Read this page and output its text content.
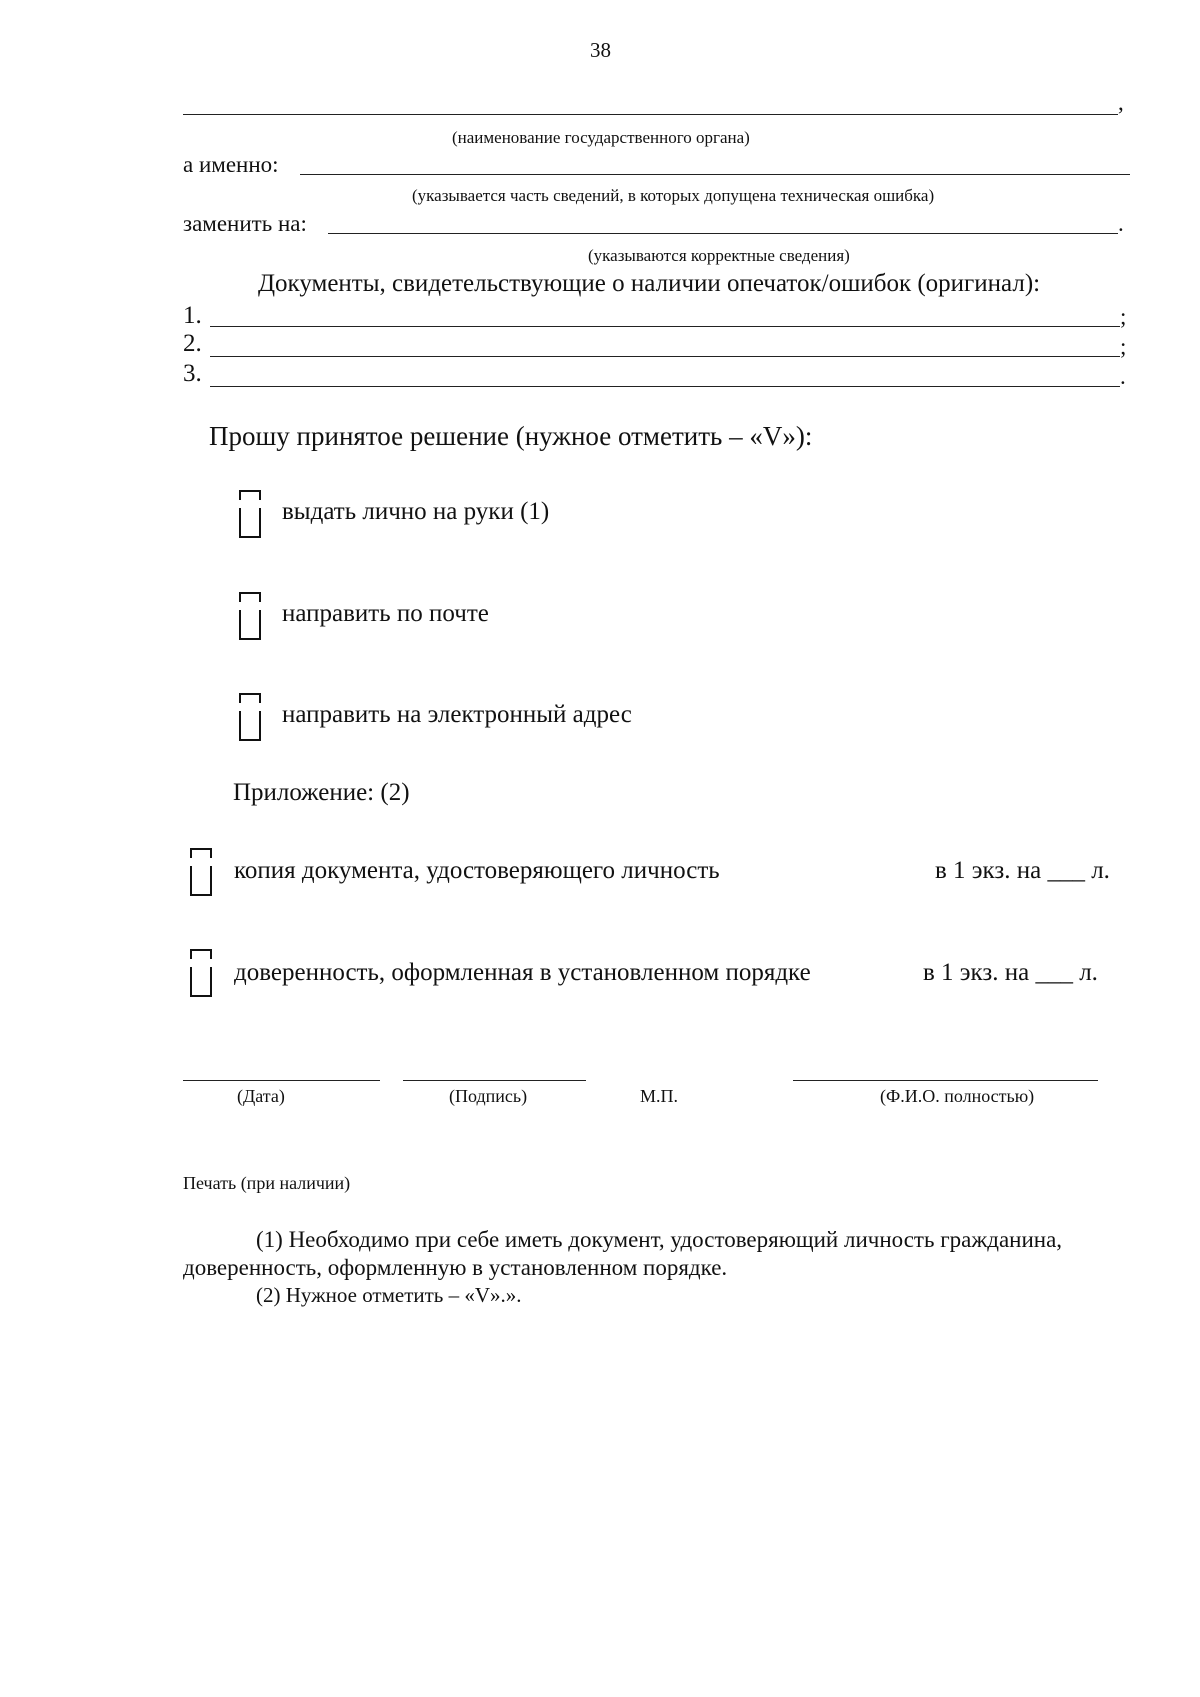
38
,
(наименование государственного органа)
а именно:
(указывается часть сведений, в которых допущена техническая ошибка)
заменить на:	.
(указываются корректные сведения)
Документы, свидетельствующие о наличии опечаток/ошибок (оригинал):
1.	;
2.	;
3.	.
Прошу принятое решение (нужное отметить – «V»):
выдать лично на руки (1)
направить по почте
направить на электронный адрес
Приложение: (2)
копия документа, удостоверяющего личность	в 1 экз. на ___ л.
доверенность, оформленная в установленном порядке	в 1 экз. на ___ л.
(Дата)	(Подпись)	М.П.	(Ф.И.О. полностью)
Печать (при наличии)
(1) Необходимо при себе иметь документ, удостоверяющий личность гражданина,
доверенность, оформленную в установленном порядке.
(2) Нужное отметить – «V».».
